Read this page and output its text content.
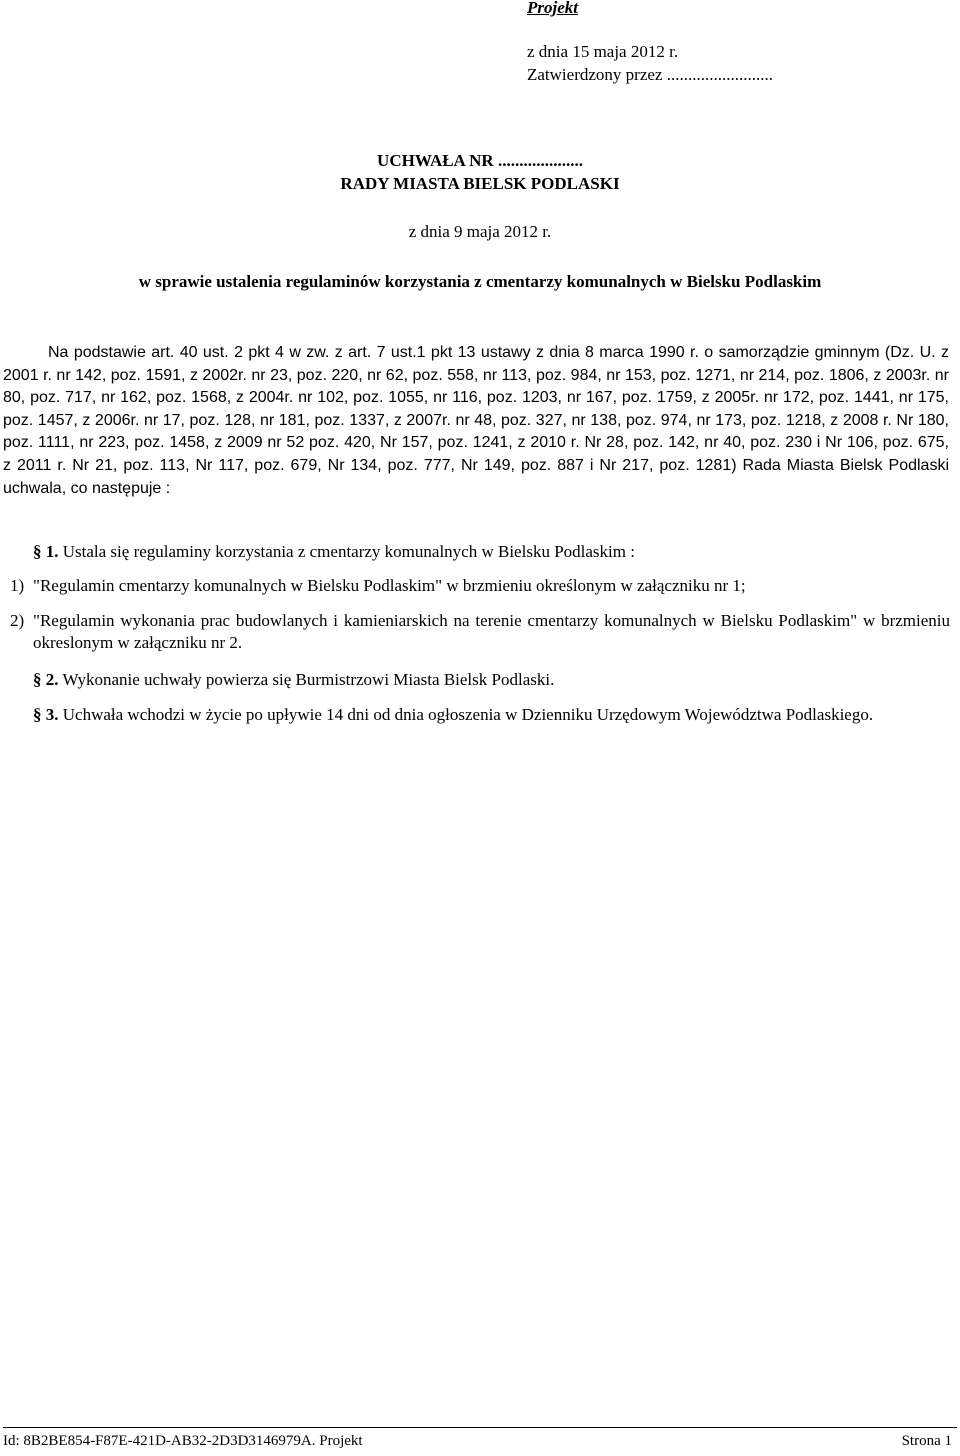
Projekt
z dnia 15 maja 2012 r.
Zatwierdzony przez .........................
UCHWAŁA NR ....................
RADY MIASTA BIELSK PODLASKI
z dnia 9 maja 2012 r.
w sprawie ustalenia regulaminów korzystania z cmentarzy komunalnych w Bielsku Podlaskim
Na podstawie art. 40 ust. 2 pkt 4 w zw. z art. 7 ust.1 pkt 13 ustawy z dnia 8 marca 1990 r. o samorządzie gminnym (Dz. U. z 2001 r. nr 142, poz. 1591, z 2002r. nr 23, poz. 220, nr 62, poz. 558, nr 113, poz. 984, nr 153, poz. 1271, nr 214, poz. 1806, z 2003r. nr 80, poz. 717, nr 162, poz. 1568, z 2004r. nr 102, poz. 1055, nr 116, poz. 1203, nr 167, poz. 1759, z 2005r. nr 172, poz. 1441, nr 175, poz. 1457, z 2006r. nr 17, poz. 128, nr 181, poz. 1337, z 2007r. nr 48, poz. 327, nr 138, poz. 974, nr 173, poz. 1218, z 2008 r. Nr 180, poz. 1111, nr 223, poz. 1458, z 2009 nr 52 poz. 420, Nr 157, poz. 1241, z 2010 r. Nr 28, poz. 142, nr 40, poz. 230 i Nr 106, poz. 675, z 2011 r. Nr 21, poz. 113, Nr 117, poz. 679, Nr 134, poz. 777, Nr 149, poz. 887 i Nr 217, poz. 1281) Rada Miasta Bielsk Podlaski uchwala, co następuje :
§ 1. Ustala się regulaminy korzystania z cmentarzy komunalnych w Bielsku Podlaskim :
1) "Regulamin cmentarzy komunalnych w Bielsku Podlaskim" w brzmieniu określonym w załączniku nr 1;
2) "Regulamin wykonania prac budowlanych i kamieniarskich na terenie cmentarzy komunalnych w Bielsku Podlaskim" w brzmieniu okreslonym w załączniku nr 2.
§ 2. Wykonanie uchwały powierza się Burmistrzowi Miasta Bielsk Podlaski.
§ 3. Uchwała wchodzi w życie po upływie 14 dni od dnia ogłoszenia w Dzienniku Urzędowym Województwa Podlaskiego.
Id: 8B2BE854-F87E-421D-AB32-2D3D3146979A. Projekt	Strona 1
